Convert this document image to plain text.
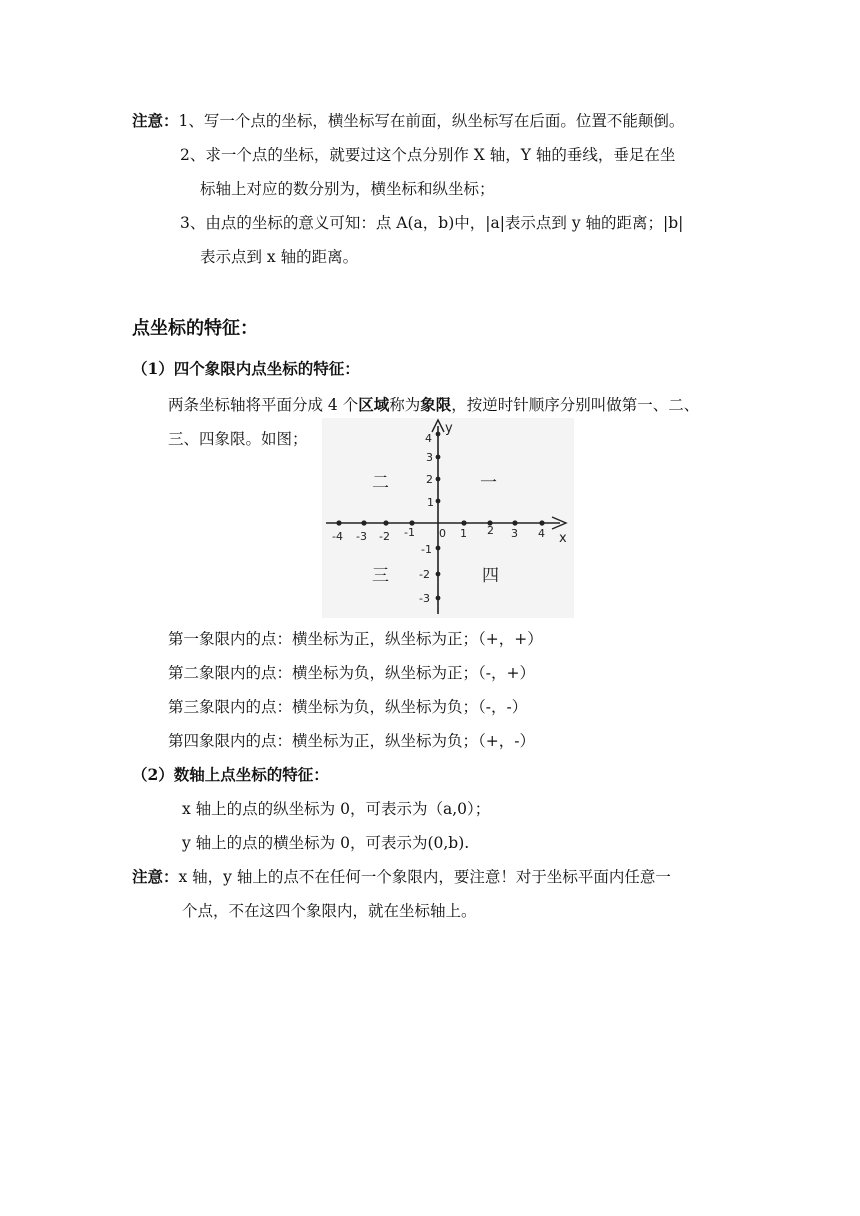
注意：1、写一个点的坐标，横坐标写在前面，纵坐标写在后面。位置不能颠倒。
2、求一个点的坐标，就要过这个点分别作 X 轴，Y 轴的垂线，垂足在坐
标轴上对应的数分别为，横坐标和纵坐标；
3、由点的坐标的意义可知：点 A(a，b)中，|a|表示点到 y 轴的距离；|b|
表示点到 x 轴的距离。
点坐标的特征：
（1）四个象限内点坐标的特征：
两条坐标轴将平面分成 4 个区域称为象限，按逆时针顺序分别叫做第一、二、
三、四象限。如图；
x
y
0
-4 -3 -2 -1	1 2 3 4
4
3
2
1
-1
-2
-3
二	一
三	四
第一象限内的点：横坐标为正，纵坐标为正；（+，+）
第二象限内的点：横坐标为负，纵坐标为正；（-，+）
第三象限内的点：横坐标为负，纵坐标为负；（-，-）
第四象限内的点：横坐标为正，纵坐标为负；（+，-）
（2）数轴上点坐标的特征：
x 轴上的点的纵坐标为 0，可表示为（a,0）；
y 轴上的点的横坐标为 0，可表示为(0,b).
注意：x 轴，y 轴上的点不在任何一个象限内，要注意！对于坐标平面内任意一
个点，不在这四个象限内，就在坐标轴上。
